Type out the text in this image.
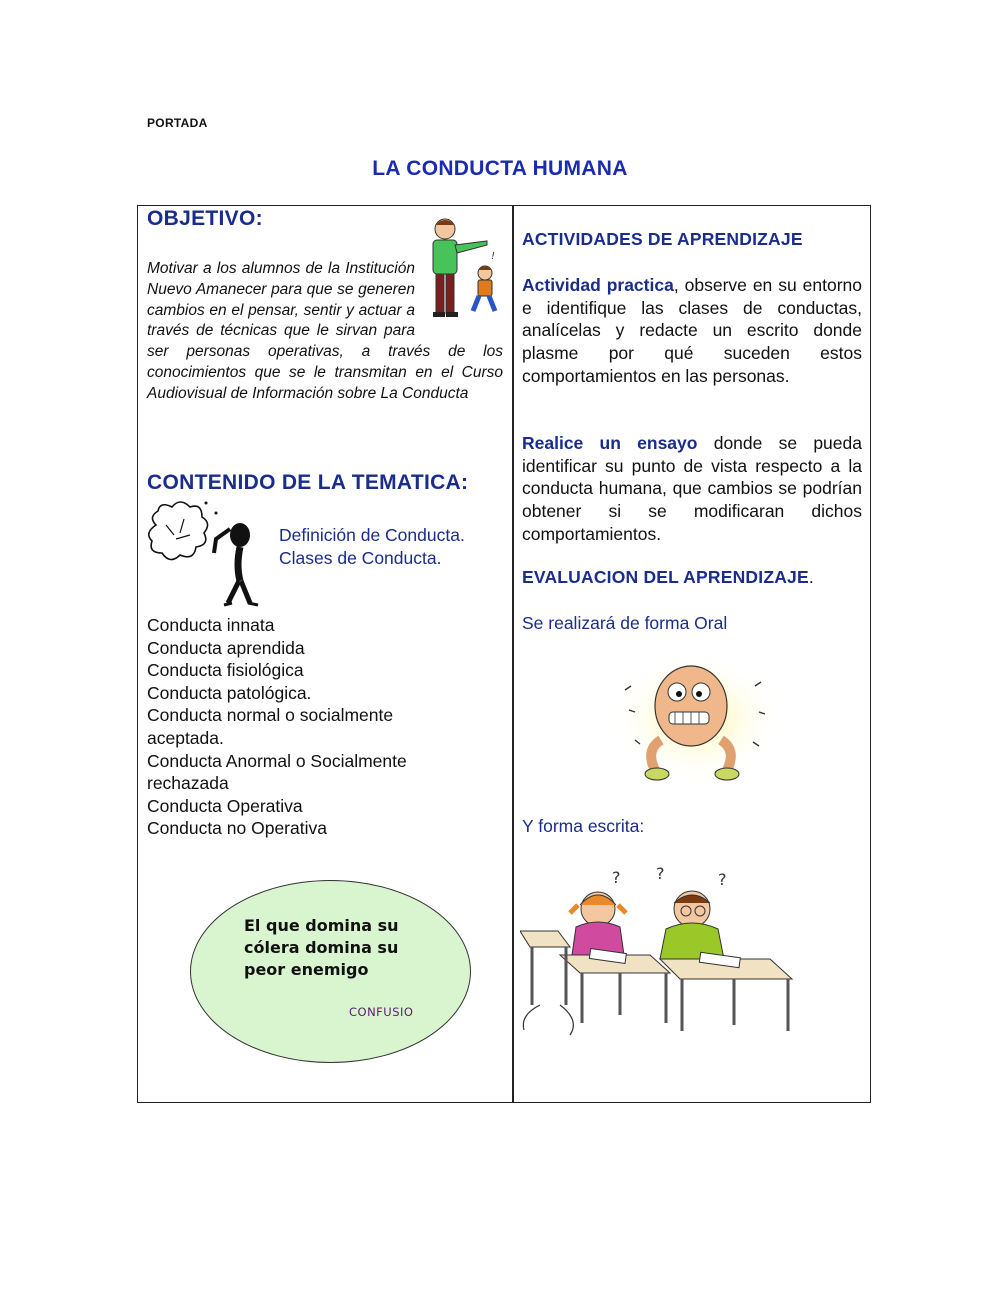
PORTADA
LA CONDUCTA HUMANA
OBJETIVO:
!
Motivar a los alumnos de la Institución Nuevo Amanecer para que se generen cambios en el pensar, sentir y actuar a través de técnicas que le sirvan para ser personas operativas, a través de los conocimientos que se le transmitan en el Curso Audiovisual de Información sobre La Conducta
CONTENIDO DE LA TEMATICA:
Definición de Conducta.
Clases de Conducta.
Conducta innata
Conducta aprendida
Conducta fisiológica
Conducta patológica.
Conducta normal o socialmente aceptada.
Conducta Anormal o Socialmente rechazada
Conducta Operativa
Conducta no Operativa
El que domina su cólera domina su peor enemigo
CONFUSIO
ACTIVIDADES DE APRENDIZAJE
Actividad practica, observe en su entorno e identifique las clases de conductas, analícelas y redacte un escrito donde plasme por qué suceden estos comportamientos en las personas.
Realice un ensayo donde se pueda identificar su punto de vista respecto a la conducta humana, que cambios se podrían obtener si se modificaran dichos comportamientos.
EVALUACION DEL APRENDIZAJE.
Se realizará de forma Oral
Y forma escrita:
? ?	?
